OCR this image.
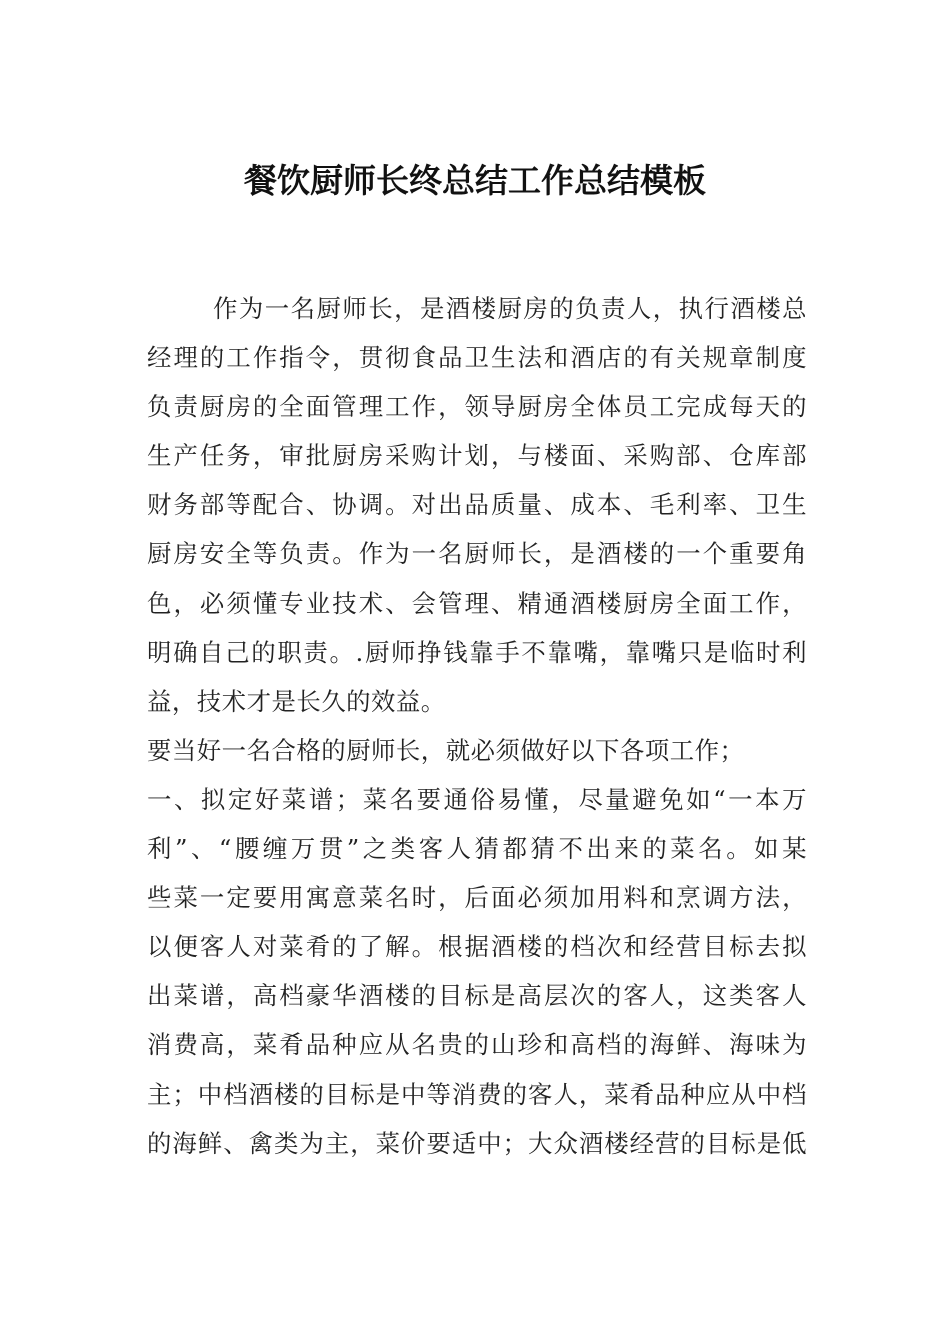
餐饮厨师长终总结工作总结模板
作为一名厨师长，是酒楼厨房的负责人，执行酒楼总
经理的工作指令，贯彻食品卫生法和酒店的有关规章制度
负责厨房的全面管理工作，领导厨房全体员工完成每天的
生产任务，审批厨房采购计划，与楼面、采购部、仓库部
财务部等配合、协调。对出品质量、成本、毛利率、卫生
厨房安全等负责。作为一名厨师长，是酒楼的一个重要角
色，必须懂专业技术、会管理、精通酒楼厨房全面工作，
明确自己的职责。.厨师挣钱靠手不靠嘴，靠嘴只是临时利
益，技术才是长久的效益。
要当好一名合格的厨师长，就必须做好以下各项工作；
一、拟定好菜谱；菜名要通俗易懂，尽量避免如“一本万
利”、“腰缠万贯”之类客人猜都猜不出来的菜名。如某
些菜一定要用寓意菜名时，后面必须加用料和烹调方法，
以便客人对菜肴的了解。根据酒楼的档次和经营目标去拟
出菜谱，高档豪华酒楼的目标是高层次的客人，这类客人
消费高，菜肴品种应从名贵的山珍和高档的海鲜、海味为
主；中档酒楼的目标是中等消费的客人，菜肴品种应从中档
的海鲜、禽类为主，菜价要适中；大众酒楼经营的目标是低
